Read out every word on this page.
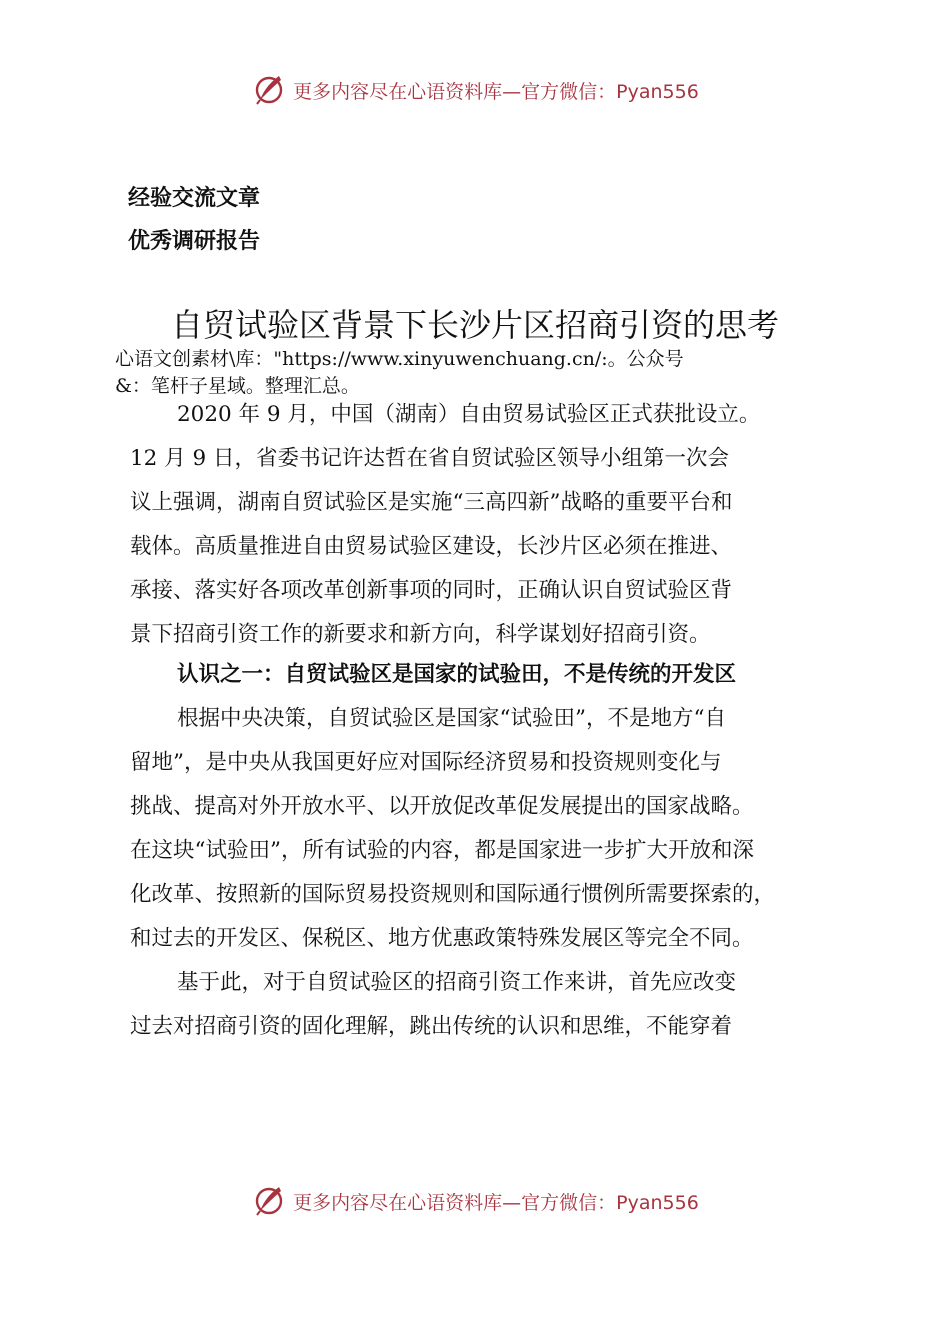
更多内容尽在心语资料库—官方微信：Pyan556
经验交流文章
优秀调研报告
自贸试验区背景下长沙片区招商引资的思考
心语文创素材\库："https://www.xinyuwenchuang.cn/:。公众号
&：笔杆子星域。整理汇总。
2020 年 9 月，中国（湖南）自由贸易试验区正式获批设立。
12 月 9 日，省委书记许达哲在省自贸试验区领导小组第一次会
议上强调，湖南自贸试验区是实施“三高四新”战略的重要平台和
载体。高质量推进自由贸易试验区建设，长沙片区必须在推进、
承接、落实好各项改革创新事项的同时，正确认识自贸试验区背
景下招商引资工作的新要求和新方向，科学谋划好招商引资。
认识之一：自贸试验区是国家的试验田，不是传统的开发区
根据中央决策，自贸试验区是国家“试验田”，不是地方“自
留地”，是中央从我国更好应对国际经济贸易和投资规则变化与
挑战、提高对外开放水平、以开放促改革促发展提出的国家战略。
在这块“试验田”，所有试验的内容，都是国家进一步扩大开放和深
化改革、按照新的国际贸易投资规则和国际通行惯例所需要探索的，
和过去的开发区、保税区、地方优惠政策特殊发展区等完全不同。
基于此，对于自贸试验区的招商引资工作来讲，首先应改变
过去对招商引资的固化理解，跳出传统的认识和思维，不能穿着
更多内容尽在心语资料库—官方微信：Pyan556
